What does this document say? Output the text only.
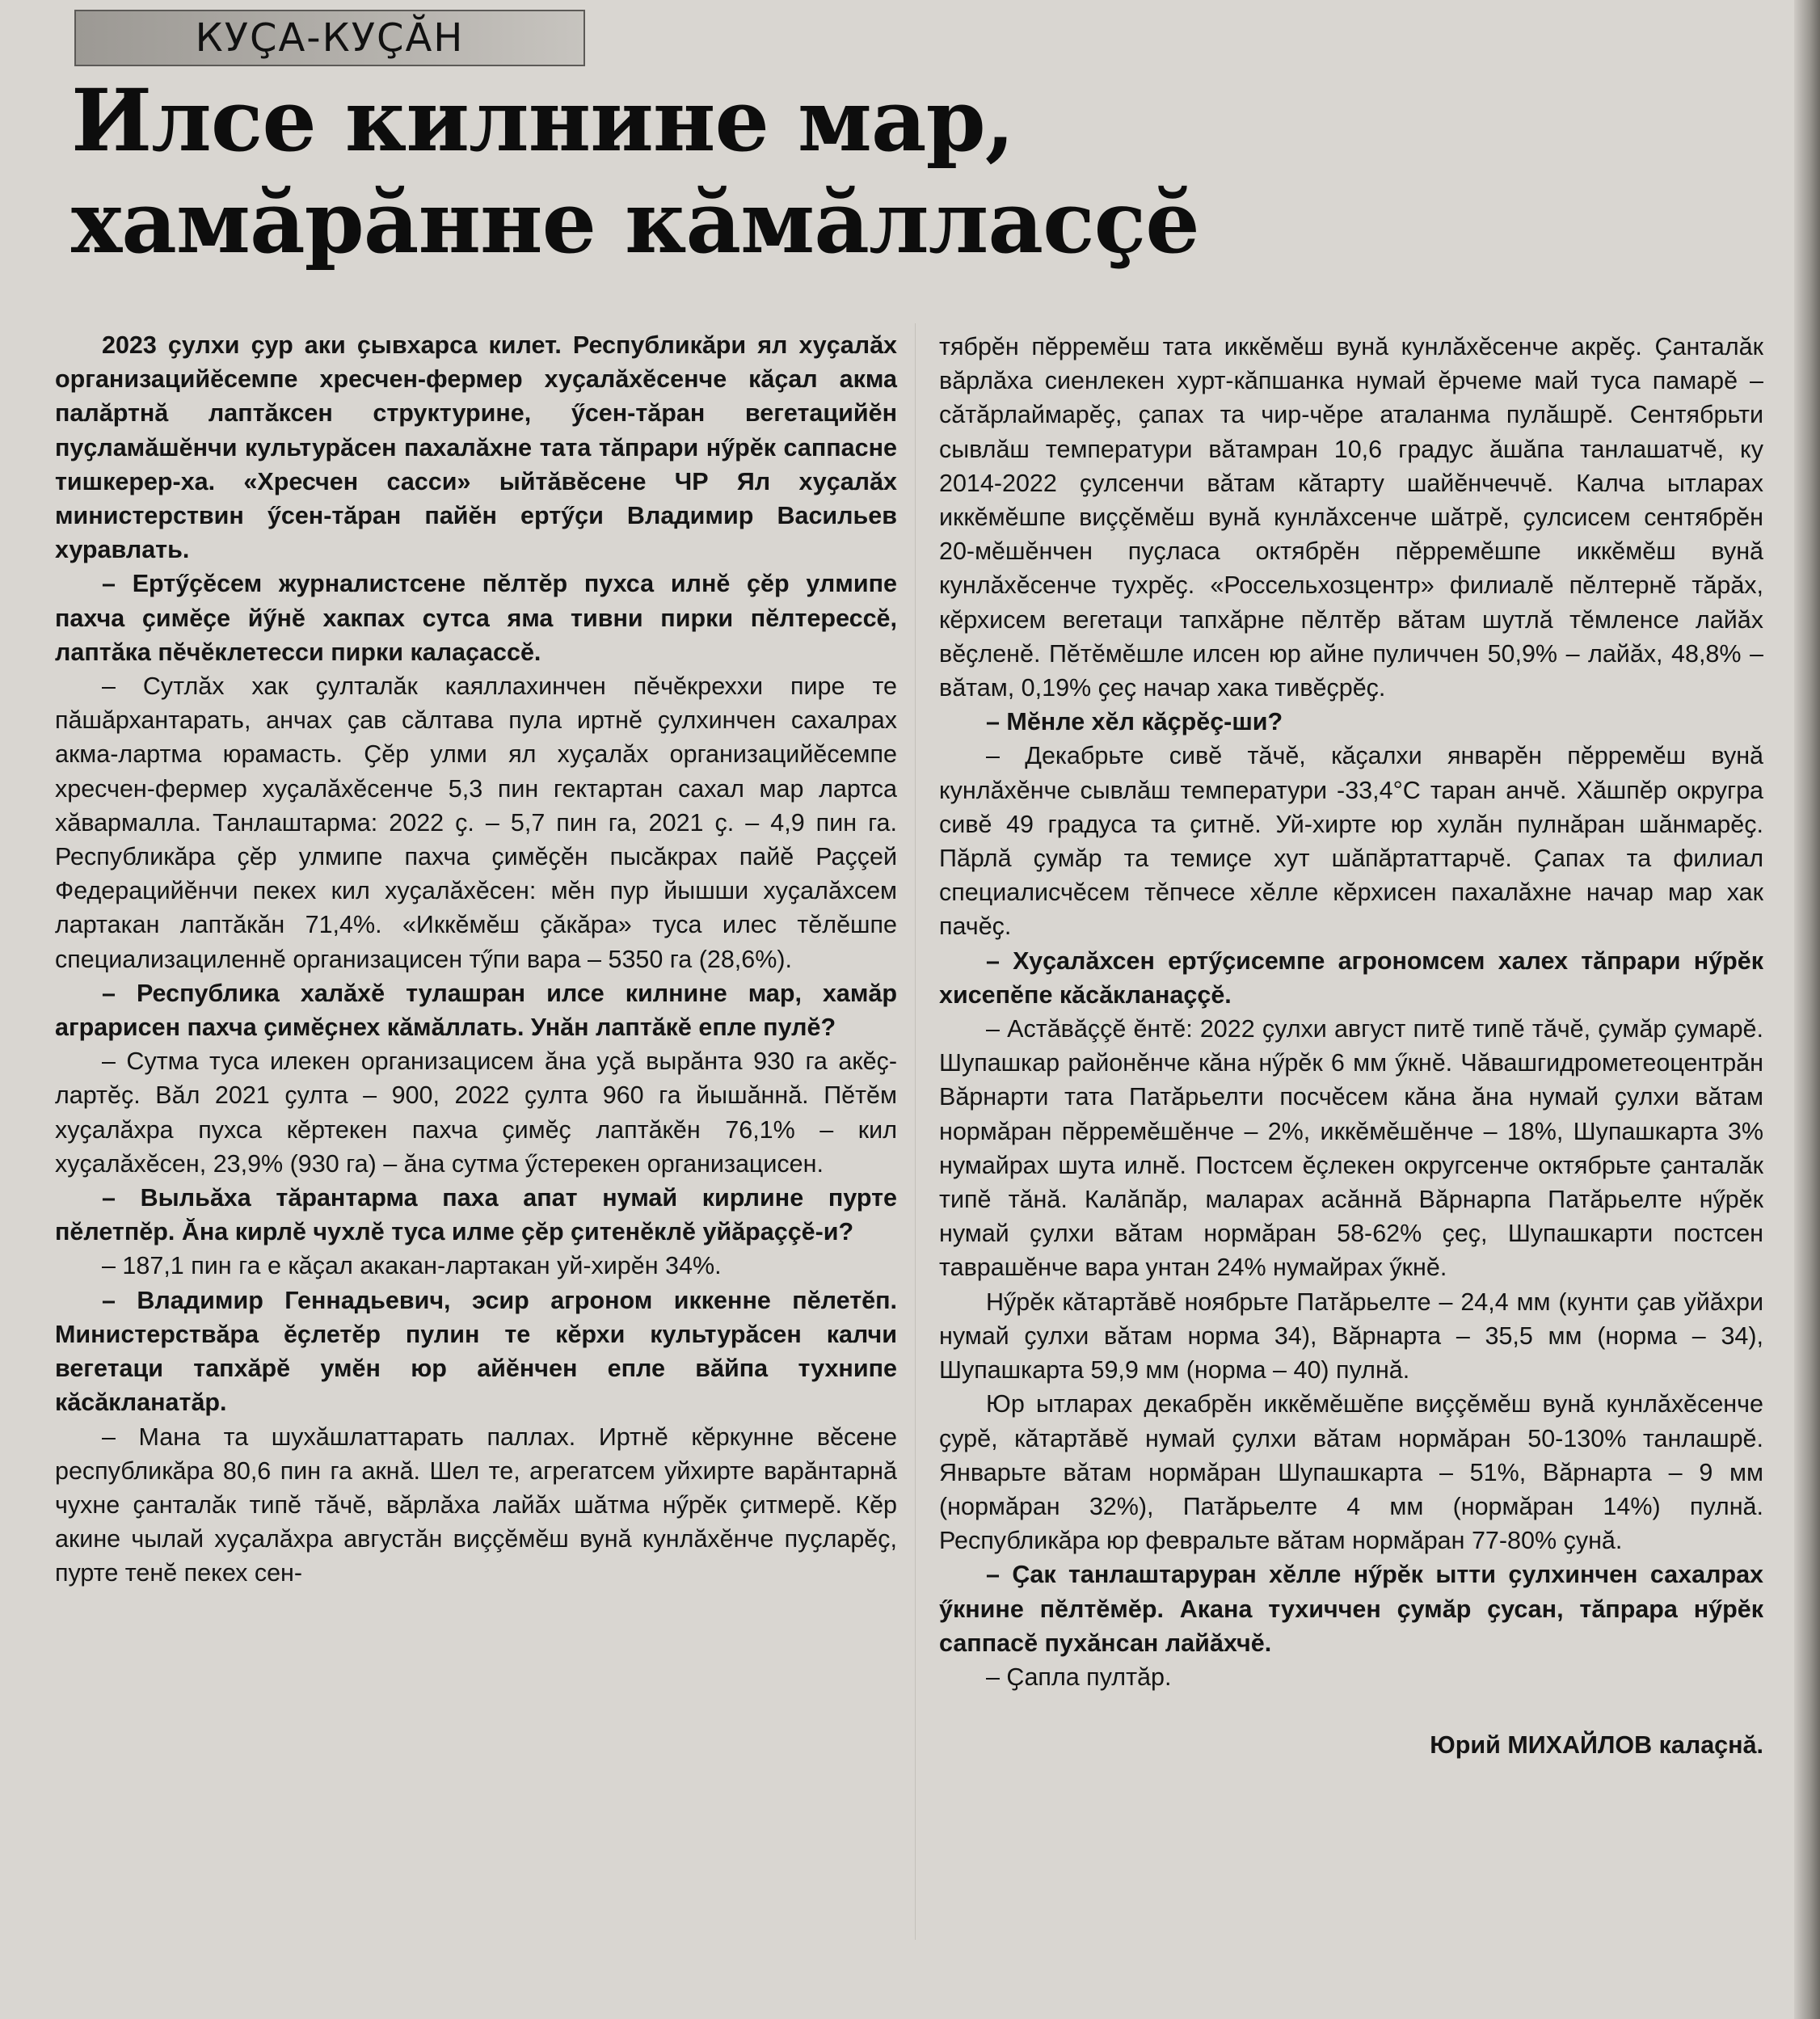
КУҪА-КУҪĂН
Илсе килнине мар,
хамăрăнне кăмăлласҫĕ

2023 ҫулхи ҫур аки ҫывхарса килет. Республикăри ял хуҫалăх организацийĕсемпе хресчен-фермер хуҫалăхĕсенче кăҫал акма палăртнă лаптăксен структурине, ӳсен-тăран вегетацийĕн пуҫламăшĕнчи культурăсен пахалăхне тата тăпрари нӳрĕк саппасне тишкерер-ха. «Хресчен сасси» ыйтăвĕсене ЧР Ял хуҫалăх министерствин ӳсен-тăран пайĕн ертӳҫи Владимир Васильев хуравлать.

– Ертӳҫĕсем журналистсене пĕлтĕр пухса илнĕ ҫĕр улмипе пахча ҫимĕҫе йӳнĕ хакпах сутса яма тивни пирки пĕлтерессĕ, лаптăка пĕчĕклетесси пирки калаҫассĕ.

– Сутлăх хак ҫулталăк каяллахинчен пĕчĕкреххи пире те пăшăрхантарать, анчах ҫав сăлтава пула иртнĕ ҫулхинчен сахалрах акма-лартма юрамасть. Ҫĕр улми ял хуҫалăх организацийĕсемпе хресчен-фермер хуҫалăхĕсенче 5,3 пин гектартан сахал мар лартса хăвармалла. Танлаштарма: 2022 ҫ. – 5,7 пин га, 2021 ҫ. – 4,9 пин га. Республикăра ҫĕр улмипе пахча ҫимĕҫĕн пысăкрах пайĕ Раççей Федерацийĕнчи пекех кил хуҫалăхĕсен: мĕн пур йышши хуҫалăхсем лартакан лаптăкăн 71,4%. «Иккĕмĕш ҫăкăра» туса илес тĕлĕшпе специализациленнĕ организацисен тӳпи вара – 5350 га (28,6%).

– Республика халăхĕ тулашран илсе килнине мар, хамăр аграрисен пахча ҫимĕҫнех кăмăллать. Унăн лаптăкĕ епле пулĕ?

– Сутма туса илекен организацисем ăна уҫă вырăнта 930 га акĕҫ-лартĕҫ. Вăл 2021 ҫулта – 900, 2022 ҫулта 960 га йышăннă. Пĕтĕм хуҫалăхра пухса кĕртекен пахча ҫимĕҫ лаптăкĕн 76,1% – кил хуҫалăхĕсен, 23,9% (930 га) – ăна сутма ӳстерекен организацисен.

– Выльăха тăрантарма паха апат нумай кирлине пурте пĕлетпĕр. Ăна кирлĕ чухлĕ туса илме ҫĕр ҫитенĕклĕ уйăраççĕ-и?

– 187,1 пин га е кăҫал акакан-лартакан уй-хирĕн 34%.

– Владимир Геннадьевич, эсир агроном иккенне пĕлетĕп. Министерствăра ĕҫлетĕр пулин те кĕрхи культурăсен калчи вегетаци тапхăрĕ умĕн юр айĕнчен епле вăйпа тухнипе кăсăкланатăр.

– Мана та шухăшлаттарать паллах. Иртнĕ кĕркунне вĕсене республикăра 80,6 пин га акнă. Шел те, агрегатсем уйхирте варăнтарнă чухне ҫанталăк типĕ тăчĕ, вăрлăха лайăх шăтма нӳрĕк ҫитмерĕ. Кĕр акине чылай хуҫалăхра августăн виççĕмĕш вунă кунлăхĕнче пуҫларĕҫ, пурте тенĕ пекех сен-

тябрĕн пĕрремĕш тата иккĕмĕш вунă кунлăхĕсенче акрĕҫ. Ҫанталăк вăрлăха сиенлекен хурт-кăпшанка нумай ĕрчеме май туса памарĕ – сăтăрлаймарĕҫ, ҫапах та чир-чĕре аталанма пулăшрĕ. Сентябрьти сывлăш температури вăтамран 10,6 градус ăшăпа танлашатчĕ, ку 2014-2022 ҫулсенчи вăтам кăтарту шайĕнчеччĕ. Калча ытларах иккĕмĕшпе виççĕмĕш вунă кунлăхсенче шăтрĕ, ҫулсисем сентябрĕн 20-мĕшĕнчен пуҫласа октябрĕн пĕрремĕшпе иккĕмĕш вунă кунлăхĕсенче тухрĕҫ. «Россельхозцентр» филиалĕ пĕлтернĕ тăрăх, кĕрхисем вегетаци тапхăрне пĕлтĕр вăтам шутлă тĕмленсе лайăх вĕҫленĕ. Пĕтĕмĕшле илсен юр айне пуличчен 50,9% – лайăх, 48,8% – вăтам, 0,19% ҫеҫ начар хака тивĕҫрĕҫ.

– Мĕнле хĕл кăçрĕç-ши?

– Декабрьте сивĕ тăчĕ, кăҫалхи январĕн пĕрремĕш вунă кунлăхĕнче сывлăш температури -33,4°С таран анчĕ. Хăшпĕр округра сивĕ 49 градуса та ҫитнĕ. Уй-хирте юр хулăн пулнăран шăнмарĕҫ. Пăрлă ҫумăр та темиҫе хут шăпăртаттарчĕ. Ҫапах та филиал специалисчĕсем тĕпчесе хĕлле кĕрхисен пахалăхне начар мар хак пачĕҫ.

– Хуҫалăхсен ертӳҫисемпе агрономсем халех тăпрари нӳрĕк хисепĕпе кăсăкланаççĕ.

– Астăвăççĕ ĕнтĕ: 2022 ҫулхи август питĕ типĕ тăчĕ, ҫумăр ҫумарĕ. Шупашкар районĕнче кăна нӳрĕк 6 мм ӳкнĕ. Чăвашгидрометеоцентрăн Вăрнарти тата Патăрьелти посчĕсем кăна ăна нумай ҫулхи вăтам нормăран пĕрремĕшĕнче – 2%, иккĕмĕшĕнче – 18%, Шупашкарта 3% нумайрах шута илнĕ. Постсем ĕçлекен округсенче октябрьте ҫанталăк типĕ тăнă. Калăпăр, маларах асăннă Вăрнарпа Патăрьелте нӳрĕк нумай ҫулхи вăтам нормăран 58-62% ҫеҫ, Шупашкарти постсен таврашĕнче вара унтан 24% нумайрах ӳкнĕ.

Нӳрĕк кăтартăвĕ ноябрьте Патăрьелте – 24,4 мм (кунти ҫав уйăхри нумай ҫулхи вăтам норма 34), Вăрнарта – 35,5 мм (норма – 34), Шупашкарта 59,9 мм (норма – 40) пулнă.

Юр ытларах декабрĕн иккĕмĕшĕпе виççĕмĕш вунă кунлăхĕсенче ҫурĕ, кăтартăвĕ нумай ҫулхи вăтам нормăран 50-130% танлашрĕ. Январьте вăтам нормăран Шупашкарта – 51%, Вăрнарта – 9 мм (нормăран 32%), Патăрьелте 4 мм (нормăран 14%) пулнă. Республикăра юр февральте вăтам нормăран 77-80% ҫунă.

– Ҫак танлаштаруран хĕлле нӳрĕк ытти ҫулхинчен сахалрах ӳкнине пĕлтĕмĕр. Акана тухиччен ҫумăр ҫусан, тăпрара нӳрĕк саппасĕ пухăнсан лайăхчĕ.

– Ҫапла пултăр.

Юрий МИХАЙЛОВ калаçнă.
